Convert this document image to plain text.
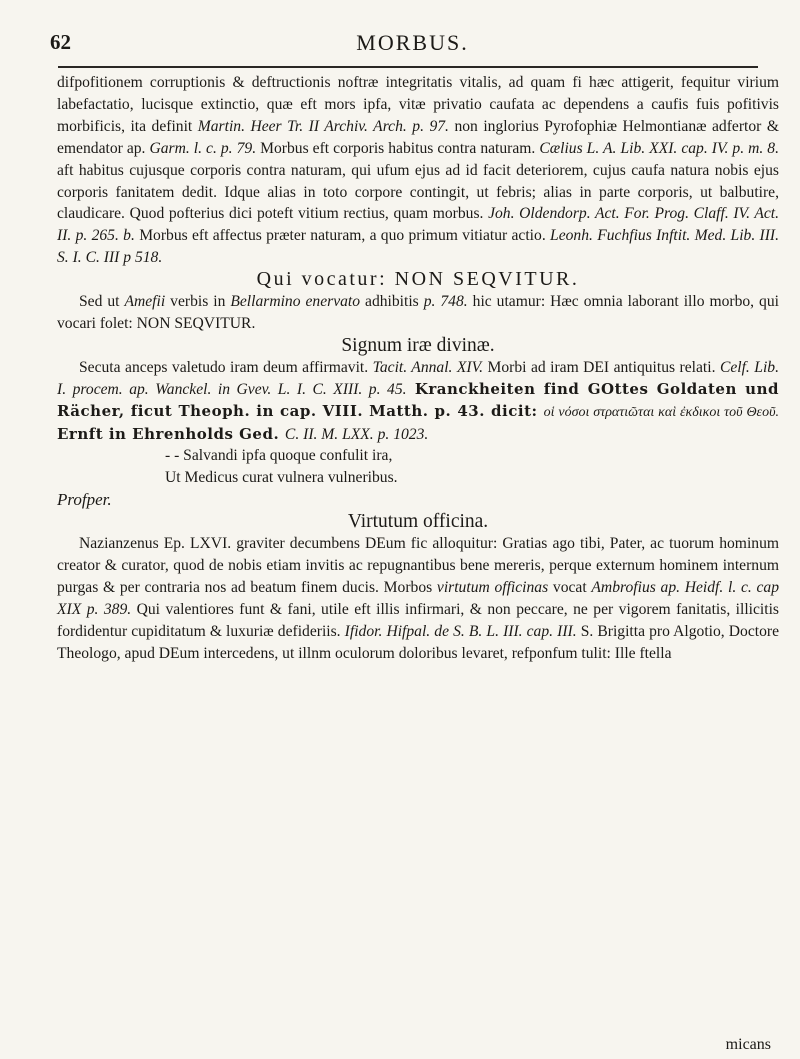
62	MORBUS.

difpofitionem corruptionis & deftructionis noftræ integritatis vitalis, ad quam fi hæc attigerit, fequitur virium labefactatio, lucisque extinctio, quæ eft mors ipfa, vitæ privatio caufata ac dependens a caufis fuis pofitivis morbificis, ita definit Martin. Heer Tr. II Archiv. Arch. p. 97. non inglorius Pyrofophiæ Helmontianæ adfertor & emendator ap. Garm. l. c. p. 79. Morbus eft corporis habitus contra naturam. Cælius L. A. Lib. XXI. cap. IV. p. m. 8. aft habitus cujusque corporis contra naturam, qui ufum ejus ad id facit deteriorem, cujus caufa natura nobis ejus corporis fanitatem dedit. Idque alias in toto corpore contingit, ut febris; alias in parte corporis, ut balbutire, claudicare. Quod pofterius dici poteft vitium rectius, quam morbus. Joh. Oldendorp. Act. For. Prog. Claff. IV. Act. II. p. 265. b. Morbus eft affectus præter naturam, a quo primum vitiatur actio. Leonh. Fuchfius Inftit. Med. Lib. III. S. I. C. III p 518.

Qui vocatur: NON SEQVITUR.

Sed ut Amefii verbis in Bellarmino enervato adhibitis p. 748. hic utamur: Hæc omnia laborant illo morbo, qui vocari folet: NON SEQVITUR.

Signum iræ divinæ.

Secuta anceps valetudo iram deum affirmavit. Tacit. Annal. XIV. Morbi ad iram DEI antiquitus relati. Celf. Lib. I. procem. ap. Wanckel. in Gvev. L. I. C. XIII. p. 45. Kranckheiten find GOttes Goldaten und Rächer, ficut Theoph. in cap. VIII. Matth. p. 43. dicit: οἱ νόσοι στρατιῶται καὶ ἐκδικοι τοῦ Θεοῦ. Ernft in Ehrenholds Ged. C. II. M. LXX. p. 1023.

- - Salvandi ipfa quoque confulit ira,

Ut Medicus curat vulnera vulneribus.

Profper.

Virtutum officina.

Nazianzenus Ep. LXVI. graviter decumbens DEum fic alloquitur: Gratias ago tibi, Pater, ac tuorum hominum creator & curator, quod de nobis etiam invitis ac repugnantibus bene mereris, perque externum hominem internum purgas & per contraria nos ad beatum finem ducis. Morbos virtutum officinas vocat Ambrofius ap. Heidf. l. c. cap XIX p. 389. Qui valentiores funt & fani, utile eft illis infirmari, & non peccare, ne per vigorem fanitatis, illicitis fordidentur cupiditatum & luxuriæ defideriis. Ifidor. Hifpal. de S. B. L. III. cap. III. S. Brigitta pro Algotio, Doctore Theologo, apud DEum intercedens, ut illnm oculorum doloribus levaret, refponfum tulit: Ille ftella

micans
